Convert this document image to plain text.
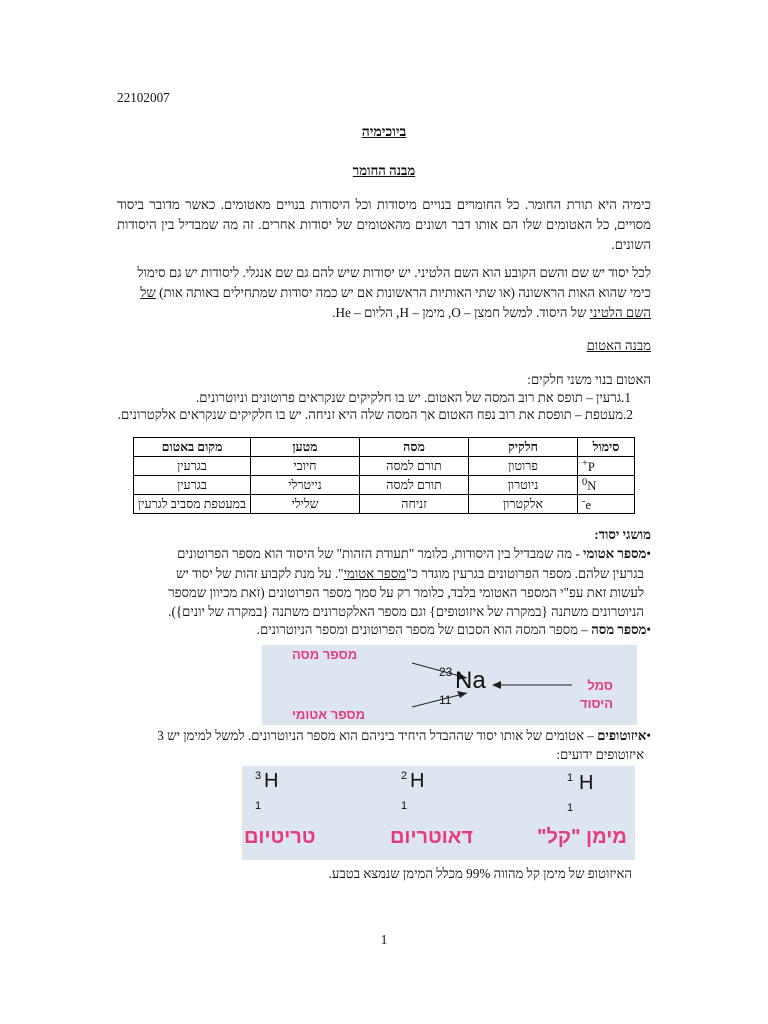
22102007
ביוכימיה
מבנה החומר
כימיה היא תורת החומר. כל החומרים בנויים מיסודות וכל היסודות בנויים מאטומים. כאשר מדובר ביסוד מסויים, כל האטומים שלו הם אותו דבר ושונים מהאטומים של יסודות אחרים. זה מה שמבדיל בין היסודות השונים.
לכל יסוד יש שם והשם הקובע הוא השם הלטיני. יש יסודות שיש להם גם שם אנגלי. ליסודות יש גם סימול
כימי שהוא האות הראשונה (או שתי האותיות הראשונות אם יש כמה יסודות שמתחילים באותה אות) של
השם הלטיני של היסוד. למשל חמצן – O, מימן – H, הליום – He.
מבנה האטום
האטום בנוי משני חלקים:
1.גרעין – תופס את רוב המסה של האטום. יש בו חלקיקים שנקראים פרוטונים וניוטרונים.
2.מעטפת – תופסת את רוב נפח האטום אך המסה שלה היא זניחה. יש בו חלקיקים שנקראים אלקטרונים.
סימול	חלקיק	מסה	מטען	מקום באטום
+P	פרוטון	תורם למסה	חיובי	בגרעין
$^0$N	ניוטרון	תורם למסה	נייטרלי	בגרעין
-e	אלקטרון	זניחה	שלילי	במעטפת מסביב לגרעין
מושגי יסוד:
•מספר אטומי - מה שמבדיל בין היסודות, כלומר "תעודת הזהות" של היסוד הוא מספר הפרוטונים
בגרעין שלהם. מספר הפרוטונים בגרעין מוגדר כ"מספר אטומי". על מנת לקבוע זהות של יסוד יש
לעשות זאת עפ"י המספר האטומי בלבד, כלומר רק על סמך מספר הפרוטונים (זאת מכיוון שמספר
הניוטרונים משתנה {במקרה של איזוטופים} וגם מספר האלקטרונים משתנה {במקרה של יונים}).
•מספר מסה – מספר המסה הוא הסכום של מספר הפרוטונים ומספר הניוטרונים.
מספר מסה
מספר אטומי
סמל
היסוד
23
11
Na
•איזוטופים – אטומים של אותו יסוד שההבדל היחיד ביניהם הוא מספר הניוטרונים. למשל למימן יש 3
איזוטופים ידועים:
3 H
1
טריטיום
2 H
1
דאוטריום
1 H
1
מימן "קל"
האיזוטופ של מימן קל מהווה 99% מכלל המימן שנמצא בטבע.
1
